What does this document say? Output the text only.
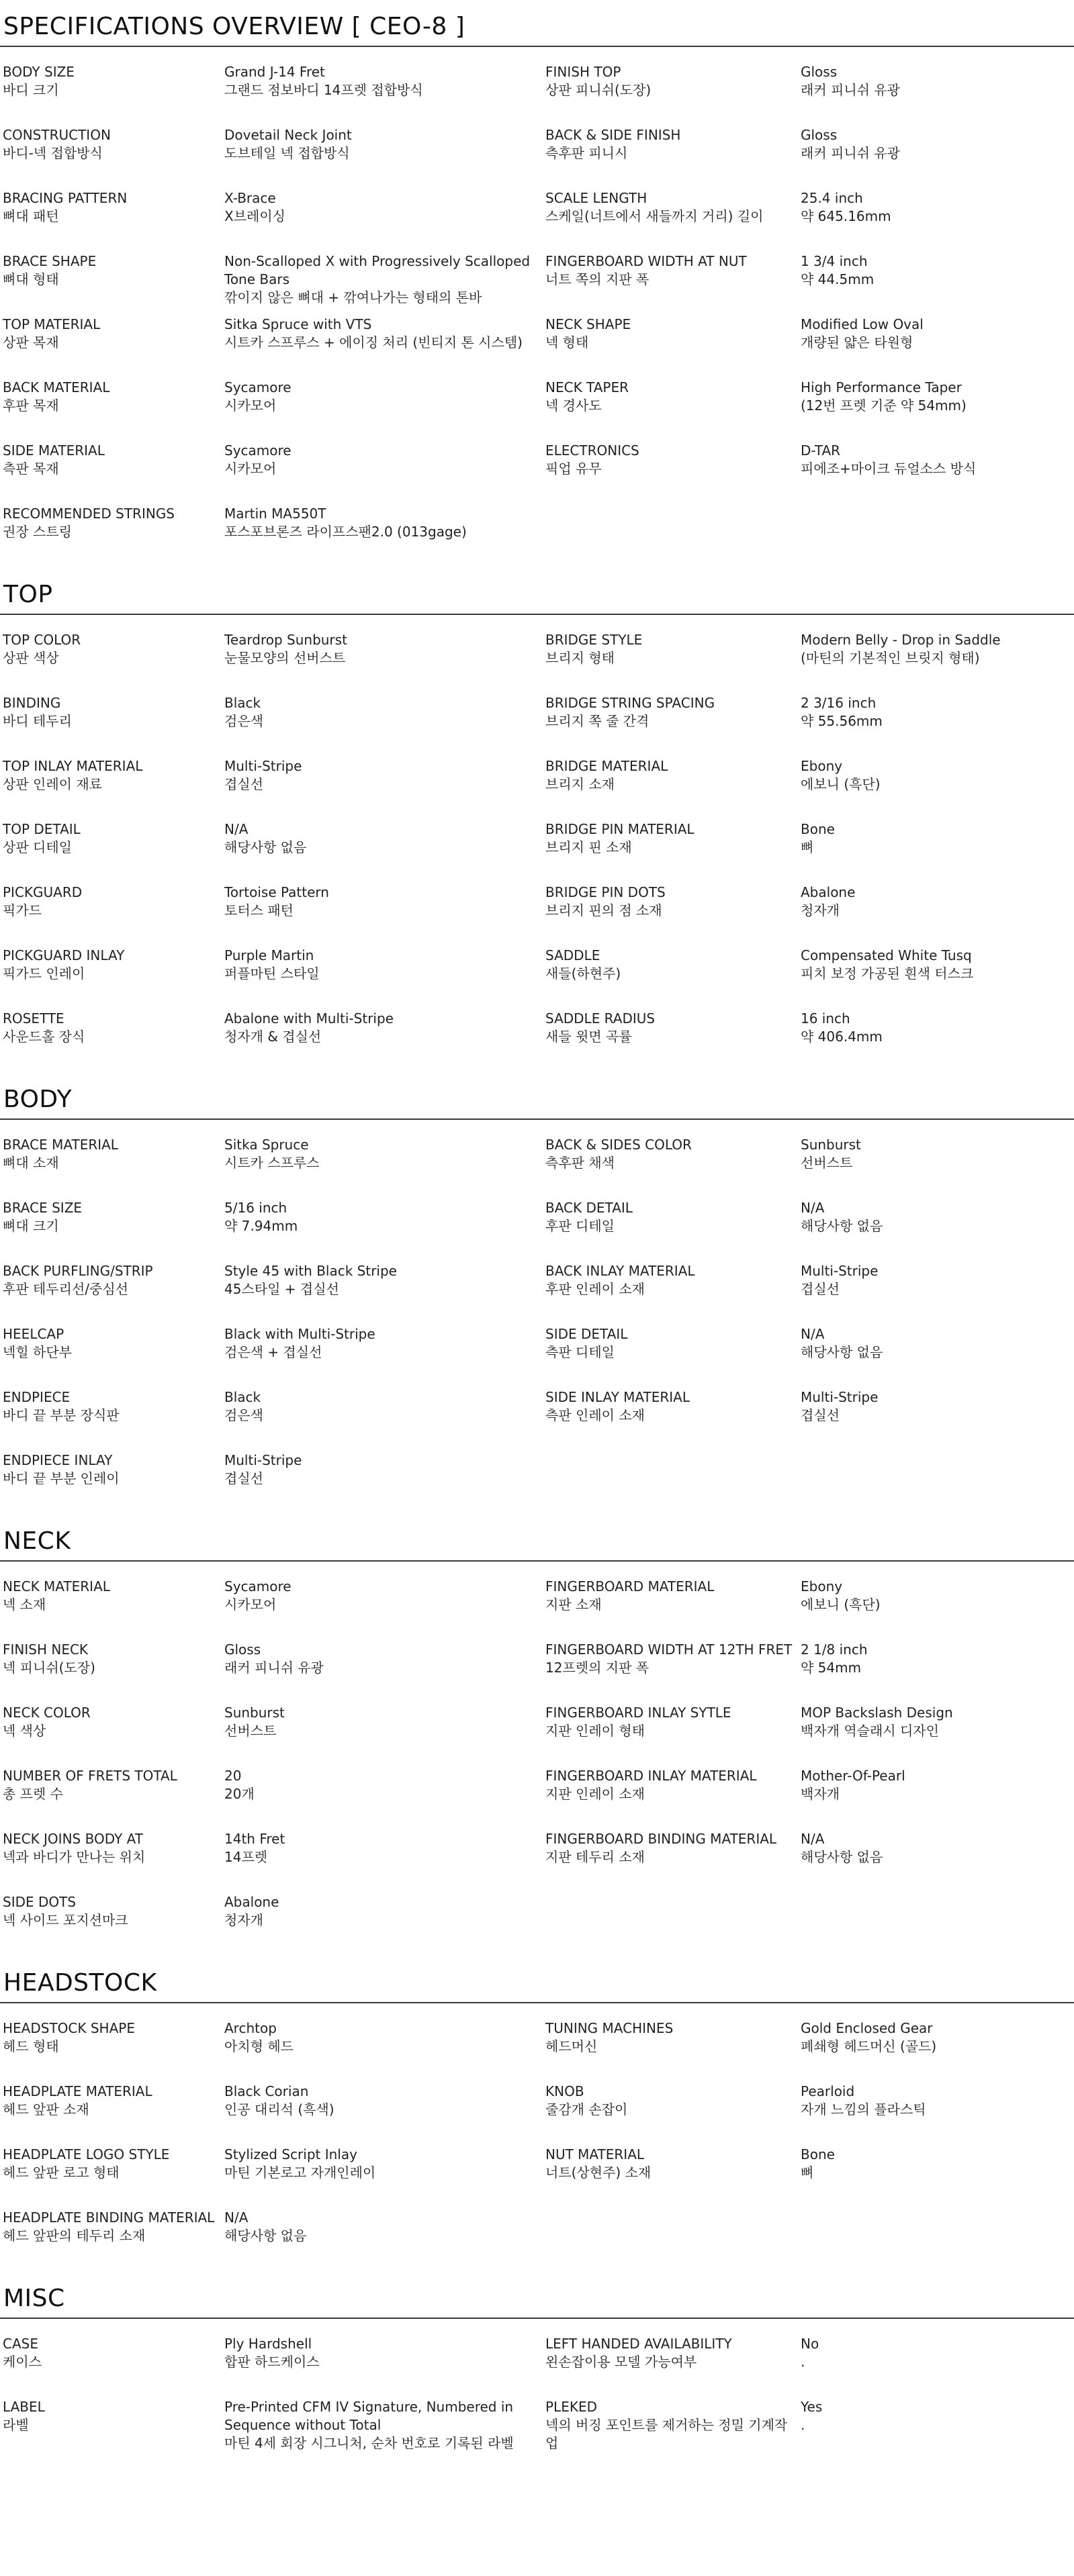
SPECIFICATIONS OVERVIEW [ CEO-8 ]
BODY SIZE
바디 크기
Grand J-14 Fret
그랜드 점보바디 14프렛 접합방식
FINISH TOP
상판 피니쉬(도장)
Gloss
래커 피니쉬 유광
CONSTRUCTION
바디-넥 접합방식
Dovetail Neck Joint
도브테일 넥 접합방식
BACK & SIDE FINISH
측후판 피니시
Gloss
래커 피니쉬 유광
BRACING PATTERN
뼈대 패턴
X-Brace
X브레이싱
SCALE LENGTH
스케일(너트에서 새들까지 거리) 길이
25.4 inch
약 645.16mm
BRACE SHAPE
뼈대 형태
Non-Scalloped X with Progressively Scalloped Tone Bars
깎이지 않은 뼈대 + 깎여나가는 형태의 톤바
FINGERBOARD WIDTH AT NUT
너트 쪽의 지판 폭
1 3/4 inch
약 44.5mm
TOP MATERIAL
상판 목재
Sitka Spruce with VTS
시트카 스프루스 + 에이징 처리 (빈티지 톤 시스템)
NECK SHAPE
넥 형태
Modified Low Oval
개량된 얇은 타원형
BACK MATERIAL
후판 목재
Sycamore
시카모어
NECK TAPER
넥 경사도
High Performance Taper
(12번 프렛 기준 약 54mm)
SIDE MATERIAL
측판 목재
Sycamore
시카모어
ELECTRONICS
픽업 유무
D-TAR
피에조+마이크 듀얼소스 방식
RECOMMENDED STRINGS
권장 스트링
Martin MA550T
포스포브론즈 라이프스팬2.0 (013gage)
TOP
TOP COLOR
상판 색상
Teardrop Sunburst
눈물모양의 선버스트
BRIDGE STYLE
브리지 형태
Modern Belly - Drop in Saddle
(마틴의 기본적인 브릿지 형태)
BINDING
바디 테두리
Black
검은색
BRIDGE STRING SPACING
브리지 쪽 줄 간격
2 3/16 inch
약 55.56mm
TOP INLAY MATERIAL
상판 인레이 재료
Multi-Stripe
겹실선
BRIDGE MATERIAL
브리지 소재
Ebony
에보니 (흑단)
TOP DETAIL
상판 디테일
N/A
해당사항 없음
BRIDGE PIN MATERIAL
브리지 핀 소재
Bone
뼈
PICKGUARD
픽가드
Tortoise Pattern
토터스 패턴
BRIDGE PIN DOTS
브리지 핀의 점 소재
Abalone
청자개
PICKGUARD INLAY
픽가드 인레이
Purple Martin
퍼플마틴 스타일
SADDLE
새들(하현주)
Compensated White Tusq
피치 보정 가공된 흰색 터스크
ROSETTE
사운드홀 장식
Abalone with Multi-Stripe
청자개 & 겹실선
SADDLE RADIUS
새들 윗면 곡률
16 inch
약 406.4mm
BODY
BRACE MATERIAL
뼈대 소재
Sitka Spruce
시트카 스프루스
BACK & SIDES COLOR
측후판 채색
Sunburst
선버스트
BRACE SIZE
뼈대 크기
5/16 inch
약 7.94mm
BACK DETAIL
후판 디테일
N/A
해당사항 없음
BACK PURFLING/STRIP
후판 테두리선/중심선
Style 45 with Black Stripe
45스타일 + 겹실선
BACK INLAY MATERIAL
후판 인레이 소재
Multi-Stripe
겹실선
HEELCAP
넥힐 하단부
Black with Multi-Stripe
검은색 + 겹실선
SIDE DETAIL
측판 디테일
N/A
해당사항 없음
ENDPIECE
바디 끝 부분 장식판
Black
검은색
SIDE INLAY MATERIAL
측판 인레이 소재
Multi-Stripe
겹실선
ENDPIECE INLAY
바디 끝 부분 인레이
Multi-Stripe
겹실선
NECK
NECK MATERIAL
넥 소재
Sycamore
시카모어
FINGERBOARD MATERIAL
지판 소재
Ebony
에보니 (흑단)
FINISH NECK
넥 피니쉬(도장)
Gloss
래커 피니쉬 유광
FINGERBOARD WIDTH AT 12TH FRET
12프렛의 지판 폭
2 1/8 inch
약 54mm
NECK COLOR
넥 색상
Sunburst
선버스트
FINGERBOARD INLAY SYTLE
지판 인레이 형태
MOP Backslash Design
백자개 역슬래시 디자인
NUMBER OF FRETS TOTAL
총 프렛 수
20
20개
FINGERBOARD INLAY MATERIAL
지판 인레이 소재
Mother-Of-Pearl
백자개
NECK JOINS BODY AT
넥과 바디가 만나는 위치
14th Fret
14프렛
FINGERBOARD BINDING MATERIAL
지판 테두리 소재
N/A
해당사항 없음
SIDE DOTS
넥 사이드 포지션마크
Abalone
청자개
HEADSTOCK
HEADSTOCK SHAPE
헤드 형태
Archtop
아치형 헤드
TUNING MACHINES
헤드머신
Gold Enclosed Gear
폐쇄형 헤드머신 (골드)
HEADPLATE MATERIAL
헤드 앞판 소재
Black Corian
인공 대리석 (흑색)
KNOB
줄감개 손잡이
Pearloid
자개 느낌의 플라스틱
HEADPLATE LOGO STYLE
헤드 앞판 로고 형태
Stylized Script Inlay
마틴 기본로고 자개인레이
NUT MATERIAL
너트(상현주) 소재
Bone
뼈
HEADPLATE BINDING MATERIAL
헤드 앞판의 테두리 소재
N/A
해당사항 없음
MISC
CASE
케이스
Ply Hardshell
합판 하드케이스
LEFT HANDED AVAILABILITY
왼손잡이용 모델 가능여부
No
.
LABEL
라벨
Pre-Printed CFM IV Signature, Numbered in Sequence without Total
마틴 4세 회장 시그니처, 순차 번호로 기록된 라벨
PLEKED
넥의 버징 포인트를 제거하는 정밀 기계작업
Yes
.
